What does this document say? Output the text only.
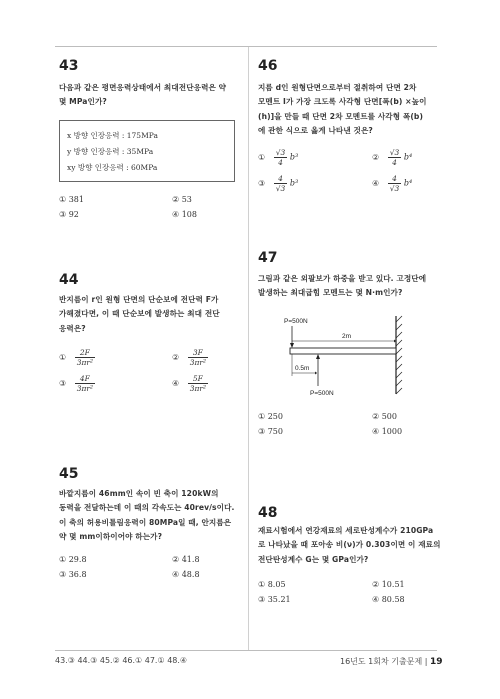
43
다음과 같은 평면응력상태에서 최대전단응력은 약
몇 MPa인가?
x 방향 인장응력 : 175MPa
y 방향 인장응력 : 35MPa
xy 방향 인장응력 : 60MPa
① 381	② 53
③ 92	④ 108
44
반지름이 r인 원형 단면의 단순보에 전단력 F가
가해졌다면, 이 때 단순보에 발생하는 최대 전단
응력은?
① $\frac{2F}{\text{3πr²}}$	② $\frac{3F}{\text{3πr²}}$
③ $\frac{4F}{\text{3πr²}}$	④ $\frac{5F}{\text{3πr²}}$
45
바깥지름이 46mm인 속이 빈 축이 120kW의
동력을 전달하는데 이 때의 각속도는 40rev/s이다.
이 축의 허용비틀림응력이 80MPa일 때, 안지름은
약 몇 mm이하이어야 하는가?
① 29.8	② 41.8
③ 36.8	④ 48.8
46
지름 d인 원형단면으로부터 절취하여 단면 2차
모멘트 I가 가장 크도록 사각형 단면[폭(b) ×높이
(h)]을 만들 때 단면 2차 모멘트를 사각형 폭(b)
에 관한 식으로 옳게 나타낸 것은?
① $\frac{√3}{4} b^3$	② $\frac{√3}{4} b^4$
③ $\frac{4}{√3} b^3$	④ $\frac{4}{√3} b^4$
47
그림과 같은 외팔보가 하중을 받고 있다. 고정단에
발생하는 최대굽힘 모멘트는 몇 N·m인가?
P=500N
2m
0.5m
P=500N
① 250	② 500
③ 750	④ 1000
48
재료시험에서 연강재료의 세로탄성계수가 210GPa
로 나타났을 때 포아송 비(ν)가 0.303이면 이 재료의
전단탄성계수 G는 몇 GPa인가?
① 8.05	② 10.51
③ 35.21	④ 80.58
43.③ 44.③ 45.② 46.① 47.① 48.④	16년도 1회차 기출문제 | 19
